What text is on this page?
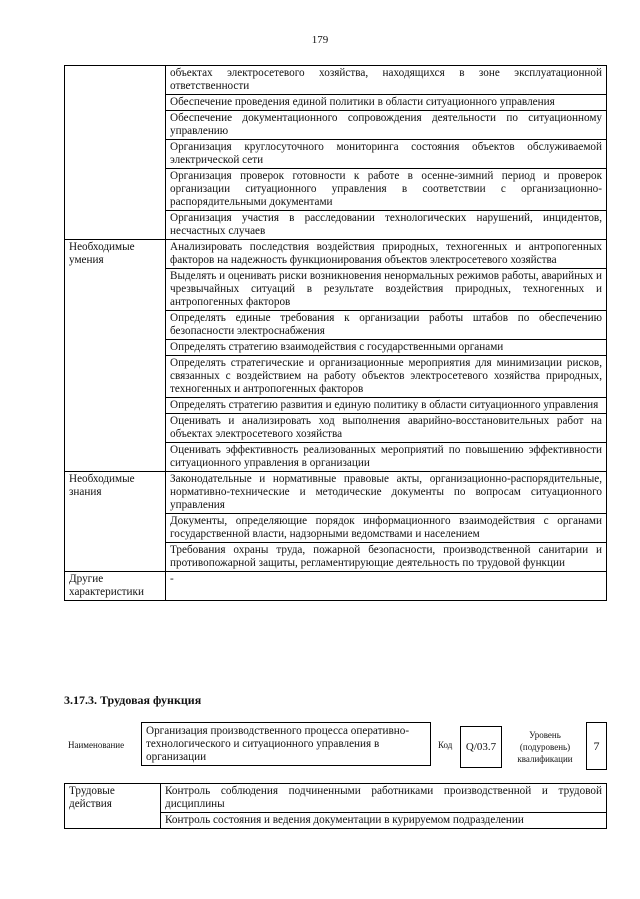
179
	объектах электросетевого хозяйства, находящихся в зоне эксплуатационной ответственности
	Обеспечение проведения единой политики в области ситуационного управления
	Обеспечение документационного сопровождения деятельности по ситуационному управлению
	Организация круглосуточного мониторинга состояния объектов обслуживаемой электрической сети
	Организация проверок готовности к работе в осенне-зимний период и проверок организации ситуационного управления в соответствии с организационно-распорядительными документами
	Организация участия в расследовании технологических нарушений, инцидентов, несчастных случаев
Необходимые умения	Анализировать последствия воздействия природных, техногенных и антропогенных факторов на надежность функционирования объектов электросетевого хозяйства
	Выделять и оценивать риски возникновения ненормальных режимов работы, аварийных и чрезвычайных ситуаций в результате воздействия природных, техногенных и антропогенных факторов
	Определять единые требования к организации работы штабов по обеспечению безопасности электроснабжения
	Определять стратегию взаимодействия с государственными органами
	Определять стратегические и организационные мероприятия для минимизации рисков, связанных с воздействием на работу объектов электросетевого хозяйства природных, техногенных и антропогенных факторов
	Определять стратегию развития и единую политику в области ситуационного управления
	Оценивать и анализировать ход выполнения аварийно-восстановительных работ на объектах электросетевого хозяйства
	Оценивать эффективность реализованных мероприятий по повышению эффективности ситуационного управления в организации
Необходимые знания	Законодательные и нормативные правовые акты, организационно-распорядительные, нормативно-технические и методические документы по вопросам ситуационного управления
	Документы, определяющие порядок информационного взаимодействия с органами государственной власти, надзорными ведомствами и населением
	Требования охраны труда, пожарной безопасности, производственной санитарии и противопожарной защиты, регламентирующие деятельность по трудовой функции
Другие характеристики	-
3.17.3. Трудовая функция
Наименование
Организация производственного процесса оперативно-технологического и ситуационного управления в организации
Код	Q/03.7
Уровень (подуровень) квалификации
7
Трудовые действия	Контроль соблюдения подчиненными работниками производственной и трудовой дисциплины
Контроль состояния и ведения документации в курируемом подразделении
